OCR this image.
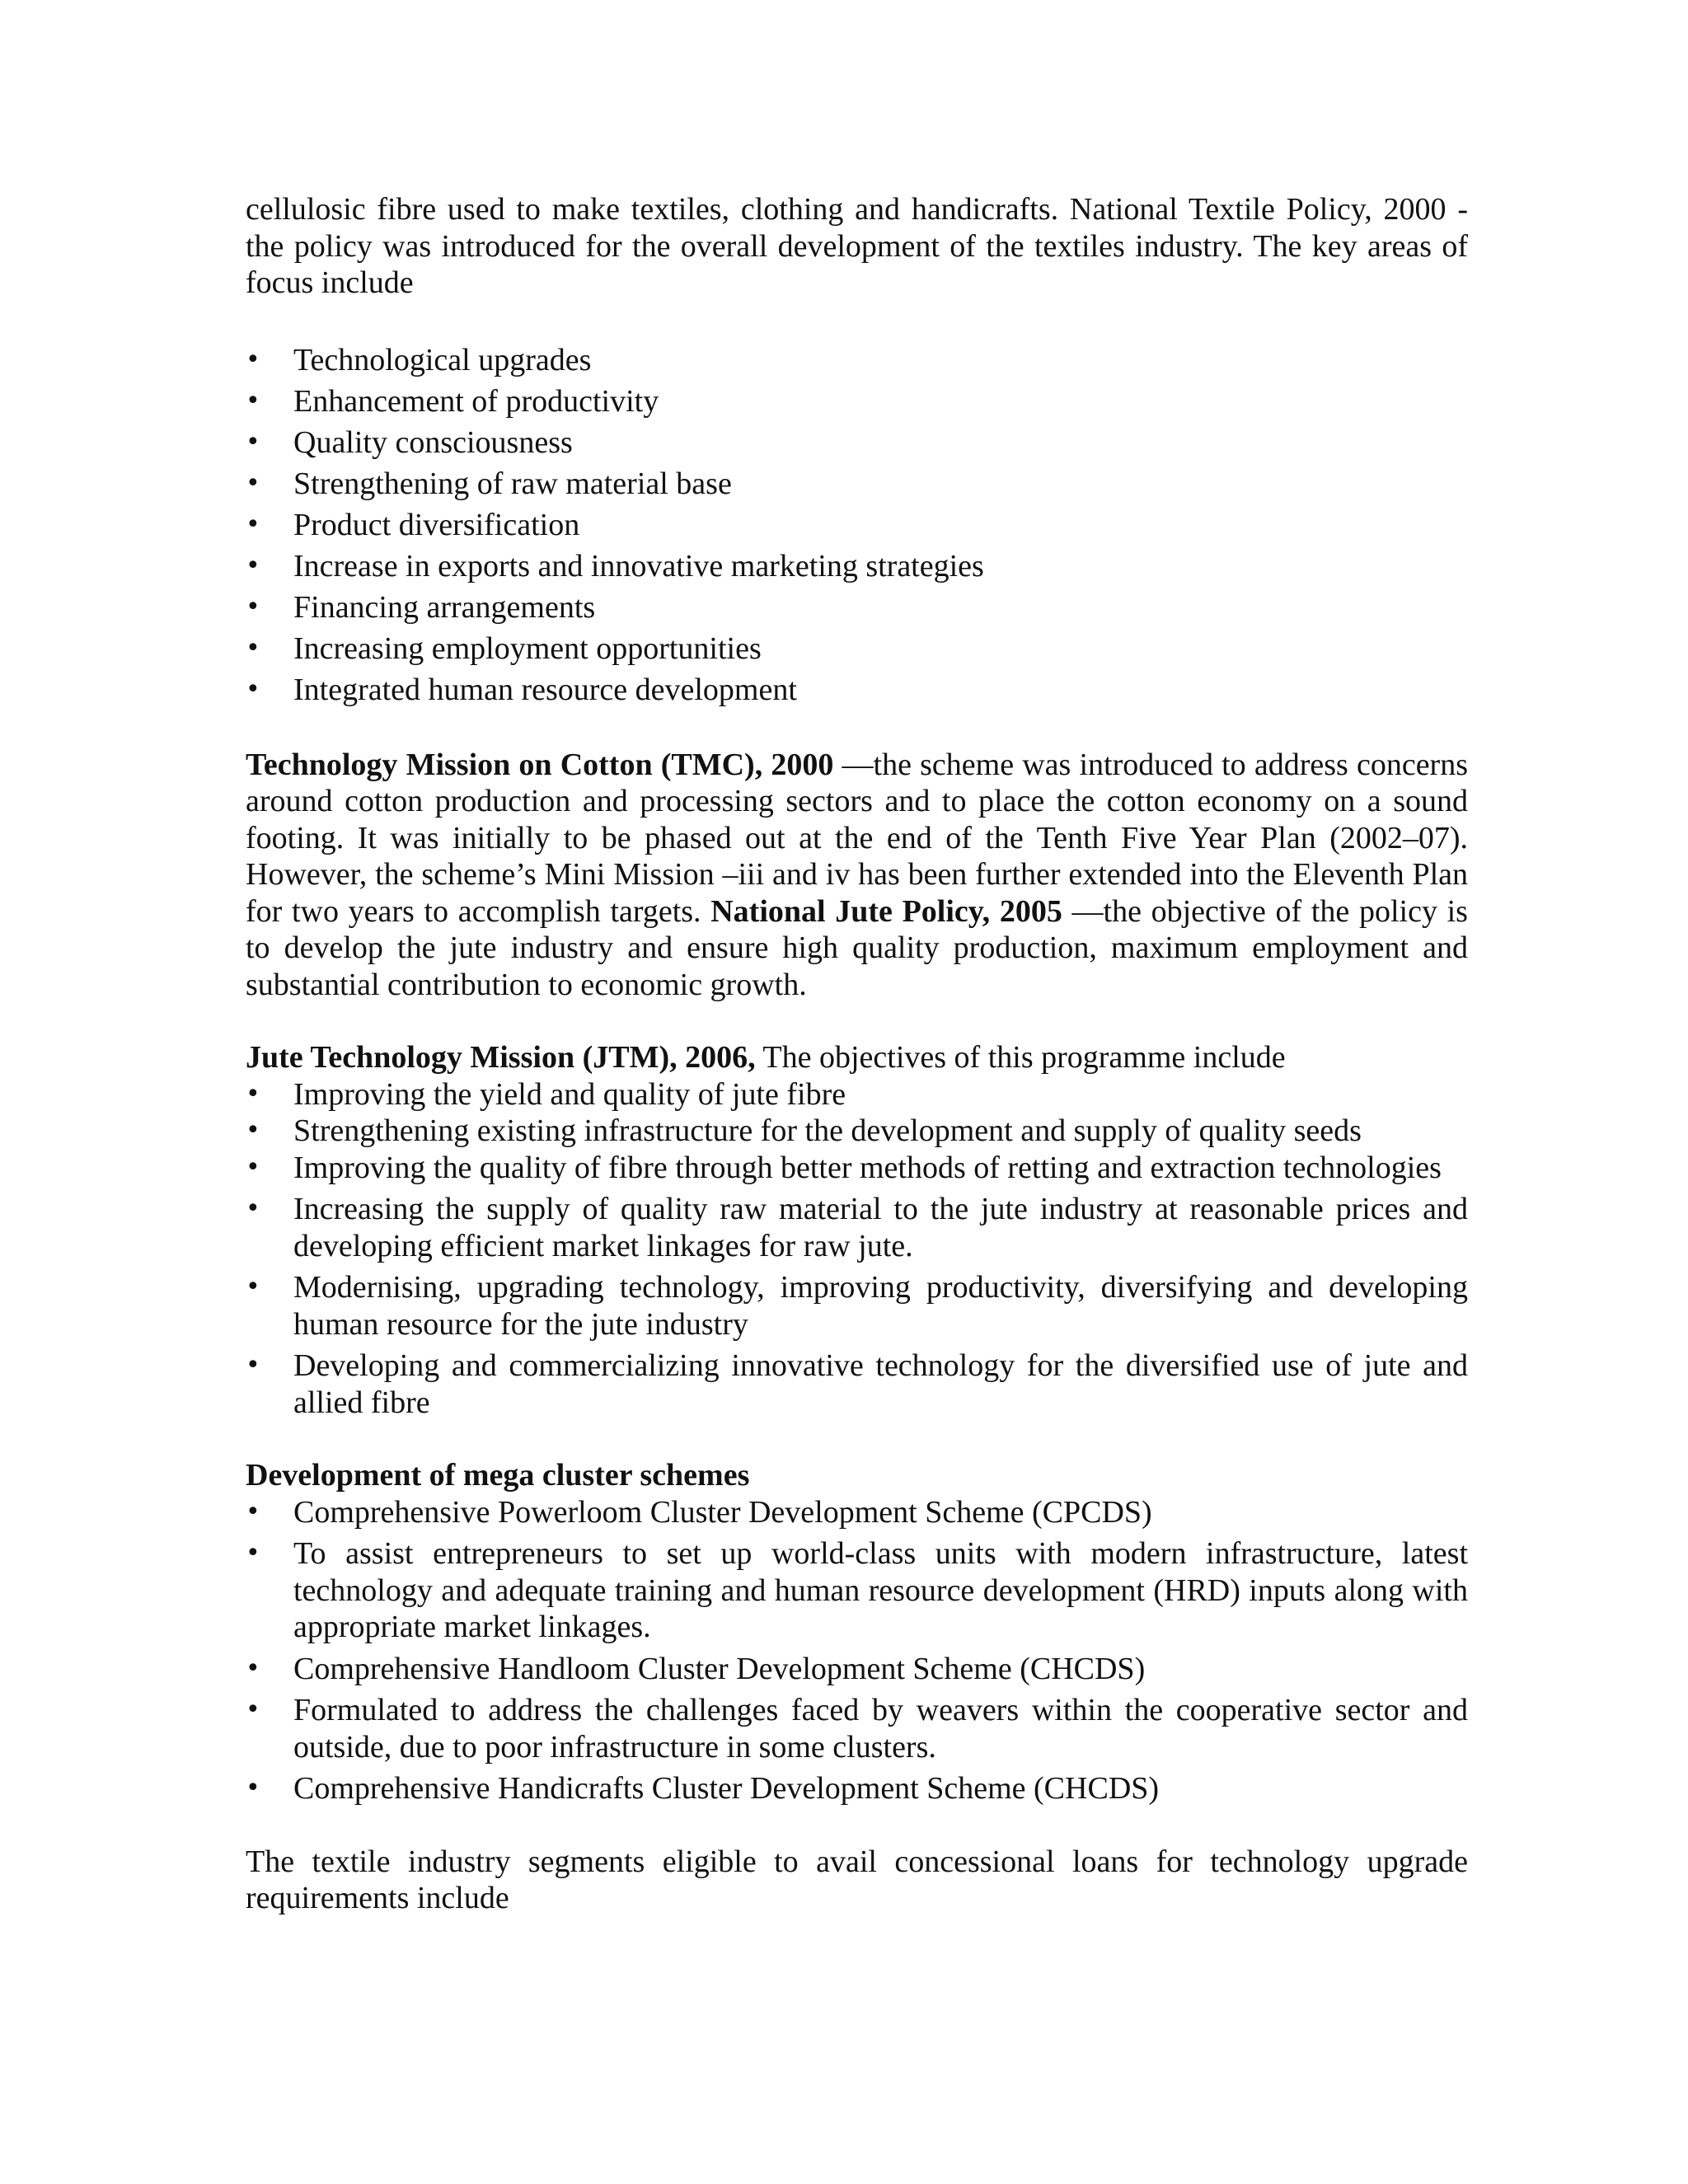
cellulosic fibre used to make textiles, clothing and handicrafts. National Textile Policy, 2000 - the policy was introduced for the overall development of the textiles industry. The key areas of focus include

•	Technological upgrades
•	Enhancement of productivity
•	Quality consciousness
•	Strengthening of raw material base
•	Product diversification
•	Increase in exports and innovative marketing strategies
•	Financing arrangements
•	Increasing employment opportunities
•	Integrated human resource development

Technology Mission on Cotton (TMC), 2000 —the scheme was introduced to address concerns around cotton production and processing sectors and to place the cotton economy on a sound footing. It was initially to be phased out at the end of the Tenth Five Year Plan (2002–07). However, the scheme’s Mini Mission –iii and iv has been further extended into the Eleventh Plan for two years to accomplish targets. National Jute Policy, 2005 —the objective of the policy is to develop the jute industry and ensure high quality production, maximum employment and substantial contribution to economic growth.

Jute Technology Mission (JTM), 2006, The objectives of this programme include

•	Improving the yield and quality of jute fibre
•	Strengthening existing infrastructure for the development and supply of quality seeds
•	Improving the quality of fibre through better methods of retting and extraction technologies
•	Increasing the supply of quality raw material to the jute industry at reasonable prices and developing efficient market linkages for raw jute.
•	Modernising, upgrading technology, improving productivity, diversifying and developing human resource for the jute industry
•	Developing and commercializing innovative technology for the diversified use of jute and allied fibre

Development of mega cluster schemes

•	Comprehensive Powerloom Cluster Development Scheme (CPCDS)
•	To assist entrepreneurs to set up world-class units with modern infrastructure, latest technology and adequate training and human resource development (HRD) inputs along with appropriate market linkages.
•	Comprehensive Handloom Cluster Development Scheme (CHCDS)
•	Formulated to address the challenges faced by weavers within the cooperative sector and outside, due to poor infrastructure in some clusters.
•	Comprehensive Handicrafts Cluster Development Scheme (CHCDS)

The textile industry segments eligible to avail concessional loans for technology upgrade requirements include
